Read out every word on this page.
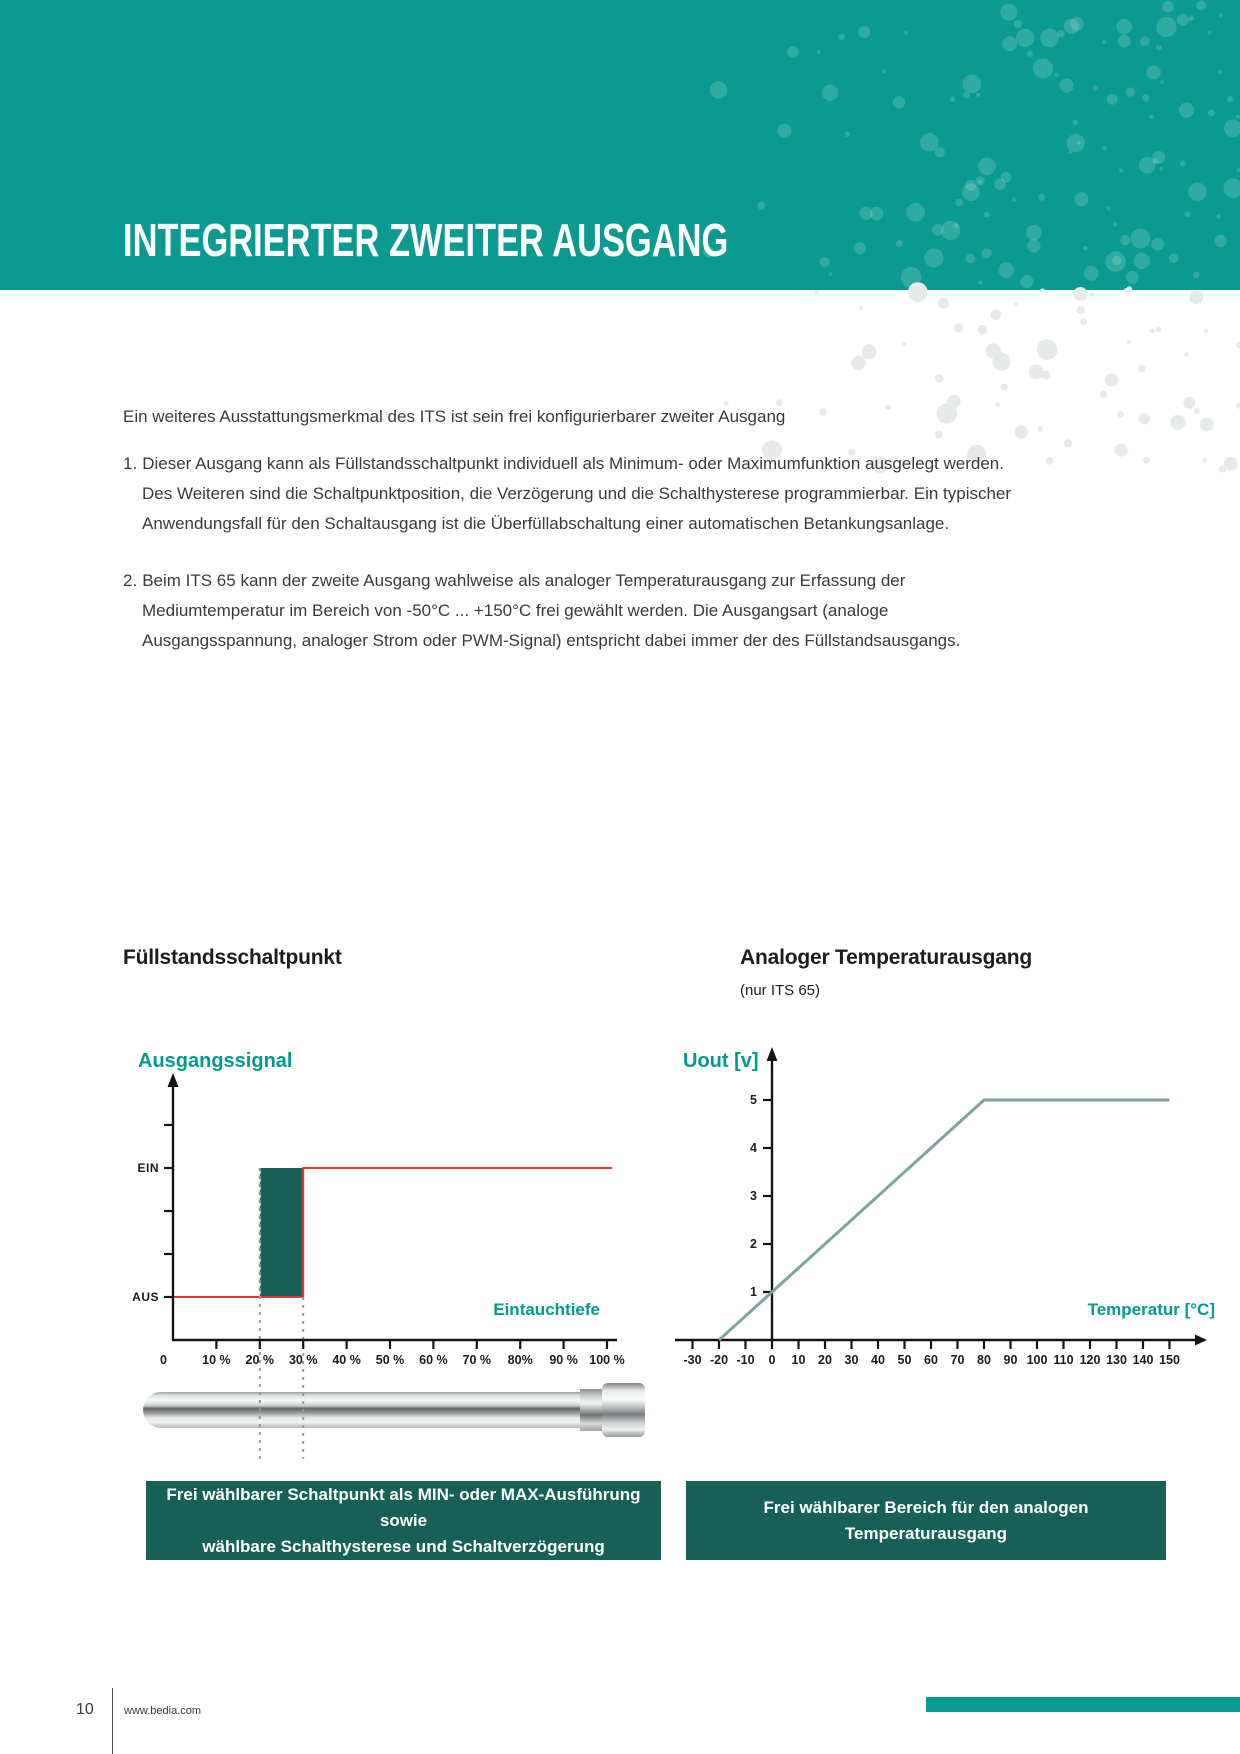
INTEGRIERTER ZWEITER AUSGANG

Ein weiteres Ausstattungsmerkmal des ITS ist sein frei konfigurierbarer zweiter Ausgang

1. Dieser Ausgang kann als Füllstandsschaltpunkt individuell als Minimum- oder Maximumfunktion ausgelegt werden. Des Weiteren sind die Schaltpunktposition, die Verzögerung und die Schalthysterese programmierbar. Ein typischer Anwendungsfall für den Schaltausgang ist die Überfüllabschaltung einer automatischen Betankungsanlage.

2. Beim ITS 65 kann der zweite Ausgang wahlweise als analoger Temperaturausgang zur Erfassung der Mediumtemperatur im Bereich von -50°C ... +150°C frei gewählt werden. Die Ausgangsart (analoge Ausgangsspannung, analoger Strom oder PWM-Signal) entspricht dabei immer der des Füllstandsausgangs.

Füllstandsschaltpunkt	Analoger Temperaturausgang
(nur ITS 65)
Ausgangssignal	Uout [v]
Eintauchtiefe	Temperatur [°C]
EIN
AUS
0	10 % 20 % 30 % 40 % 50 % 60 % 70 % 80% 90 % 100 %
1
2
3
4
5
-30 -20 -10 0 10 20 30 40 50 60 70 80 90 100 110 120 130 140 150
Frei wählbarer Schaltpunkt als MIN- oder MAX-Ausführung sowie
wählbare Schalthysterese und Schaltverzögerung
Frei wählbarer Bereich für den analogen Temperaturausgang
10	www.bedia.com
